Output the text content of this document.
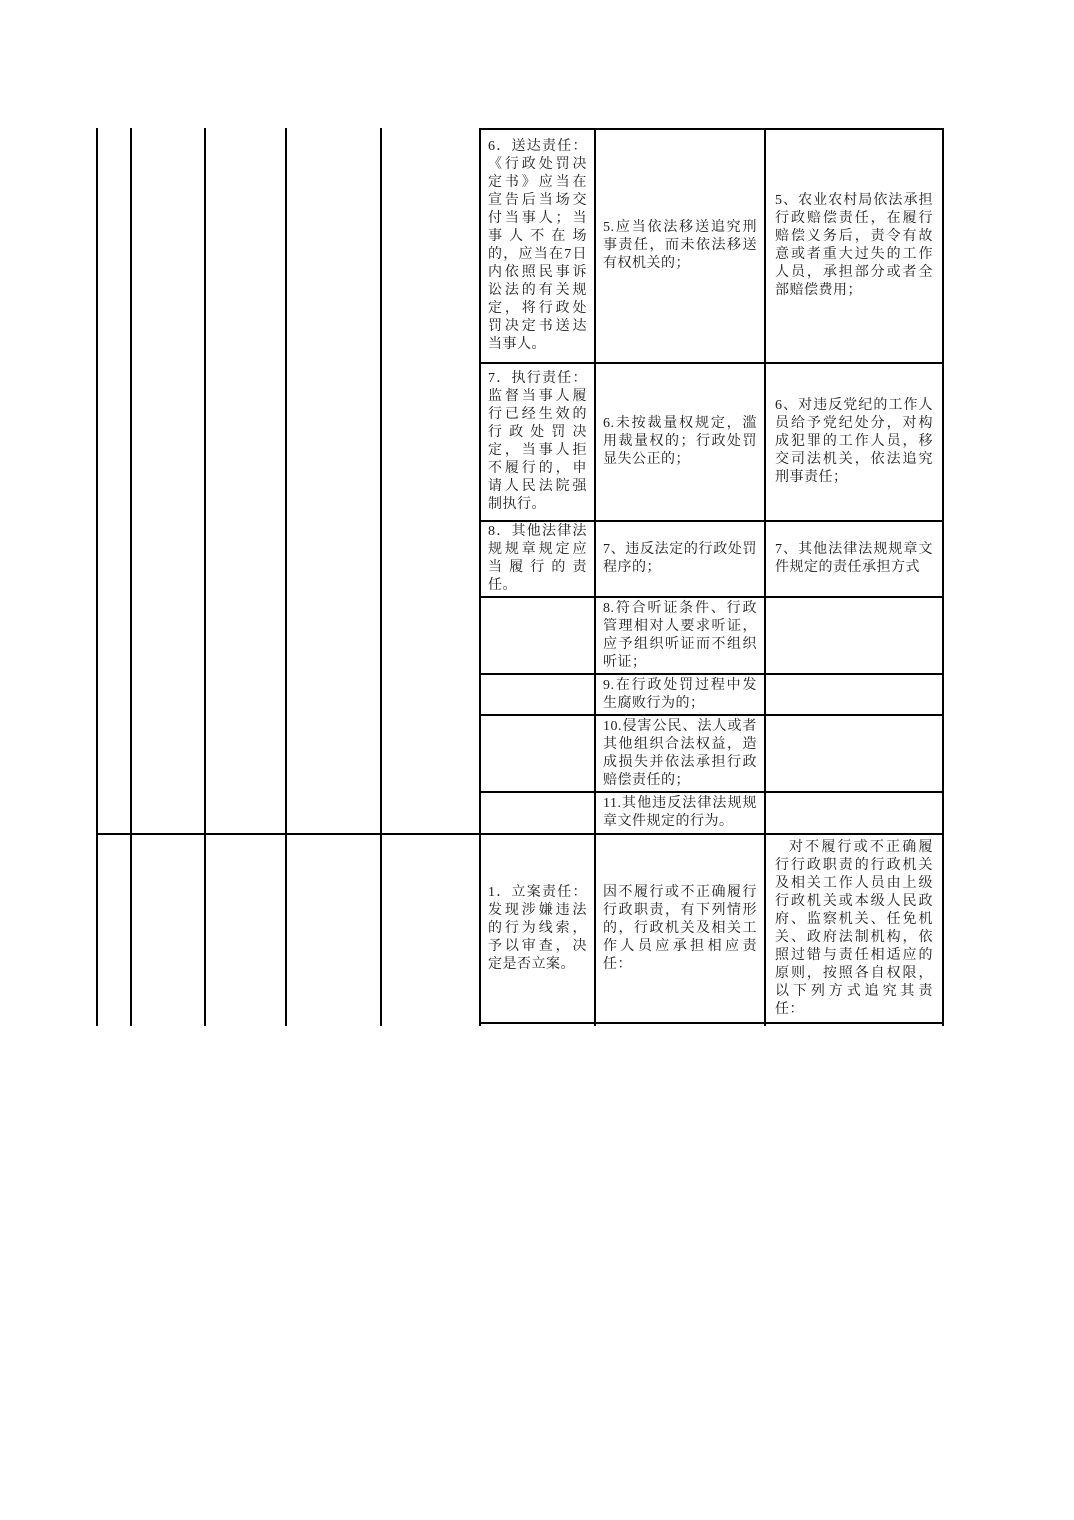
6．送达责任：《行政处罚决定书》应当在宣告后当场交付当事人；当事人不在场的，应当在7日内依照民事诉讼法的有关规定，将行政处罚决定书送达当事人。
5.应当依法移送追究刑事责任，而未依法移送有权机关的；
5、农业农村局依法承担行政赔偿责任，在履行赔偿义务后，责令有故意或者重大过失的工作人员，承担部分或者全部赔偿费用；
7．执行责任：监督当事人履行已经生效的行政处罚决定，当事人拒不履行的，申请人民法院强制执行。
6.未按裁量权规定，滥用裁量权的；行政处罚显失公正的；
6、对违反党纪的工作人员给予党纪处分，对构成犯罪的工作人员，移交司法机关，依法追究刑事责任；
8．其他法律法规规章规定应当履行的责任。
7、违反法定的行政处罚程序的；
7、其他法律法规规章文件规定的责任承担方式
8.符合听证条件、行政管理相对人要求听证，应予组织听证而不组织听证；
9.在行政处罚过程中发生腐败行为的；
10.侵害公民、法人或者其他组织合法权益，造成损失并依法承担行政赔偿责任的；
11.其他违反法律法规规章文件规定的行为。
1．立案责任：发现涉嫌违法的行为线索，予以审查，决定是否立案。
因不履行或不正确履行行政职责，有下列情形的，行政机关及相关工作人员应承担相应责任：
对不履行或不正确履行行政职责的行政机关及相关工作人员由上级行政机关或本级人民政府、监察机关、任免机关、政府法制机构，依照过错与责任相适应的原则，按照各自权限，以下列方式追究其责任：
